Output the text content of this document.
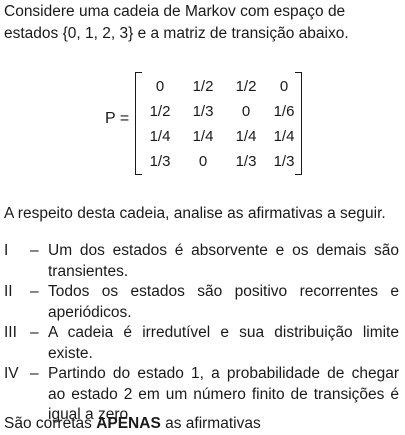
Considere uma cadeia de Markov com espaço de estados {0, 1, 2, 3} e a matriz de transição abaixo.
P =
0	1/2	1/2	0
1/2	1/3	0	1/6
1/4	1/4	1/4	1/4
1/3	0	1/3	1/3
A respeito desta cadeia, analise as afirmativas a seguir.
I	– Um dos estados é absorvente e os demais são transientes.
II	– Todos os estados são positivo recorrentes e aperiódicos.
III – A cadeia é irredutível e sua distribuição limite existe.
IV – Partindo do estado 1, a probabilidade de chegar ao estado 2 em um número finito de transições é igual a zero.
São corretas APENAS as afirmativas
